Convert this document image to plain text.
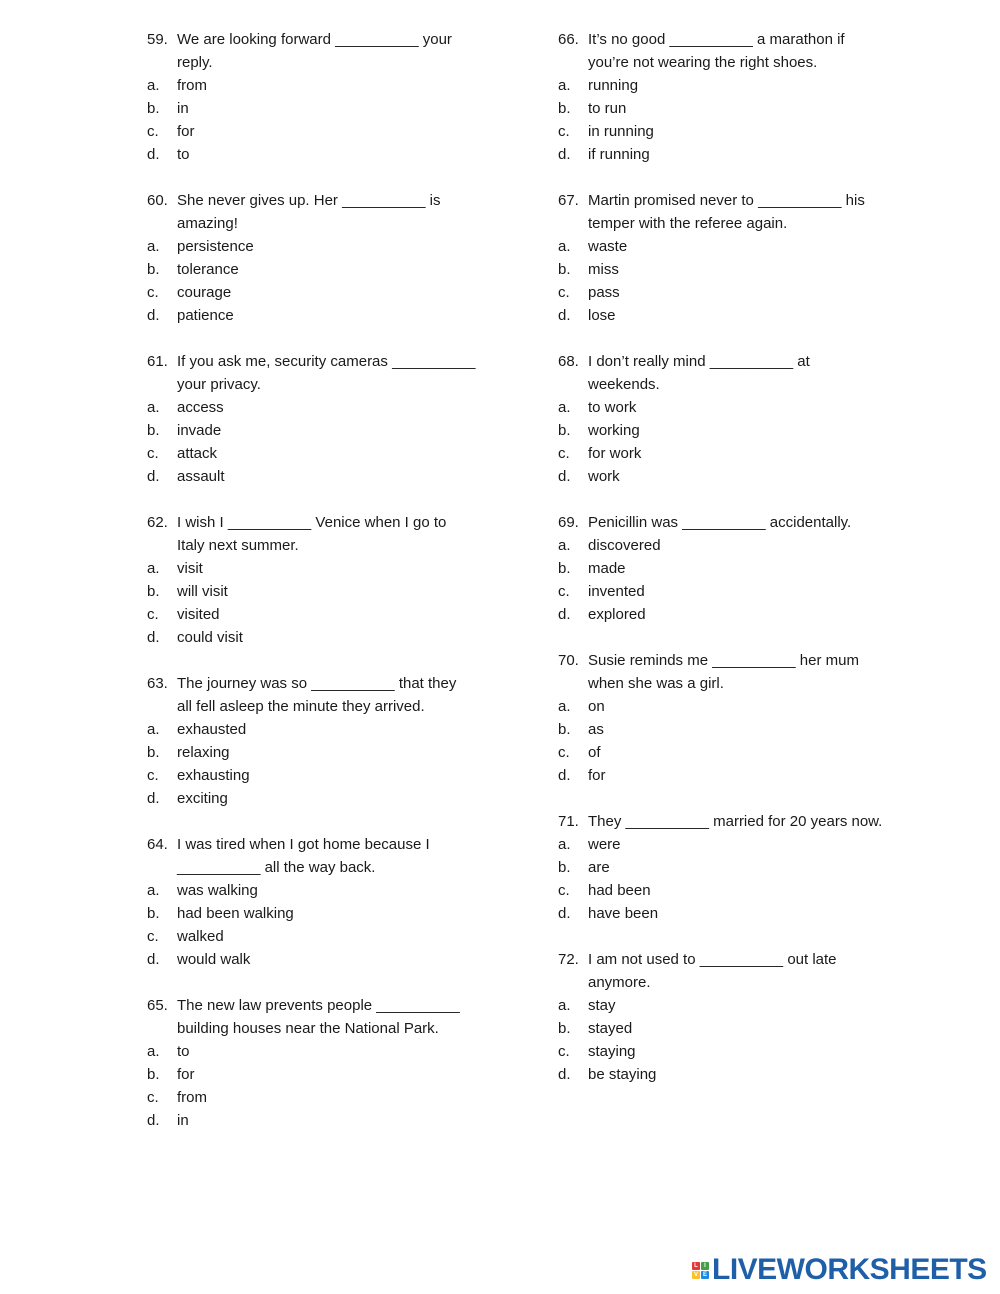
59. We are looking forward __________ your
reply.
a.	from
b.	in
c.	for
d.	to
60. She never gives up. Her __________ is
amazing!
a.	persistence
b.	tolerance
c.	courage
d.	patience
61. If you ask me, security cameras __________
your privacy.
a.	access
b.	invade
c.	attack
d.	assault
62. I wish I __________ Venice when I go to
Italy next summer.
a.	visit
b.	will visit
c.	visited
d.	could visit
63. The journey was so __________ that they
all fell asleep the minute they arrived.
a.	exhausted
b.	relaxing
c.	exhausting
d.	exciting
64. I was tired when I got home because I
__________ all the way back.
a.	was walking
b.	had been walking
c.	walked
d.	would walk
65. The new law prevents people __________
building houses near the National Park.
a.	to
b.	for
c.	from
d.	in
66. It’s no good __________ a marathon if
you’re not wearing the right shoes.
a.	running
b.	to run
c.	in running
d.	if running
67. Martin promised never to __________ his
temper with the referee again.
a.	waste
b.	miss
c.	pass
d.	lose
68. I don’t really mind __________ at
weekends.
a.	to work
b.	working
c.	for work
d.	work
69. Penicillin was __________ accidentally.
a.	discovered
b.	made
c.	invented
d.	explored
70. Susie reminds me __________ her mum
when she was a girl.
a.	on
b.	as
c.	of
d.	for
71. They __________ married for 20 years now.
a.	were
b.	are
c.	had been
d.	have been
72. I am not used to __________ out late
anymore.
a.	stay
b.	stayed
c.	staying
d.	be staying
L	I
V E LIVEWORKSHEETS
